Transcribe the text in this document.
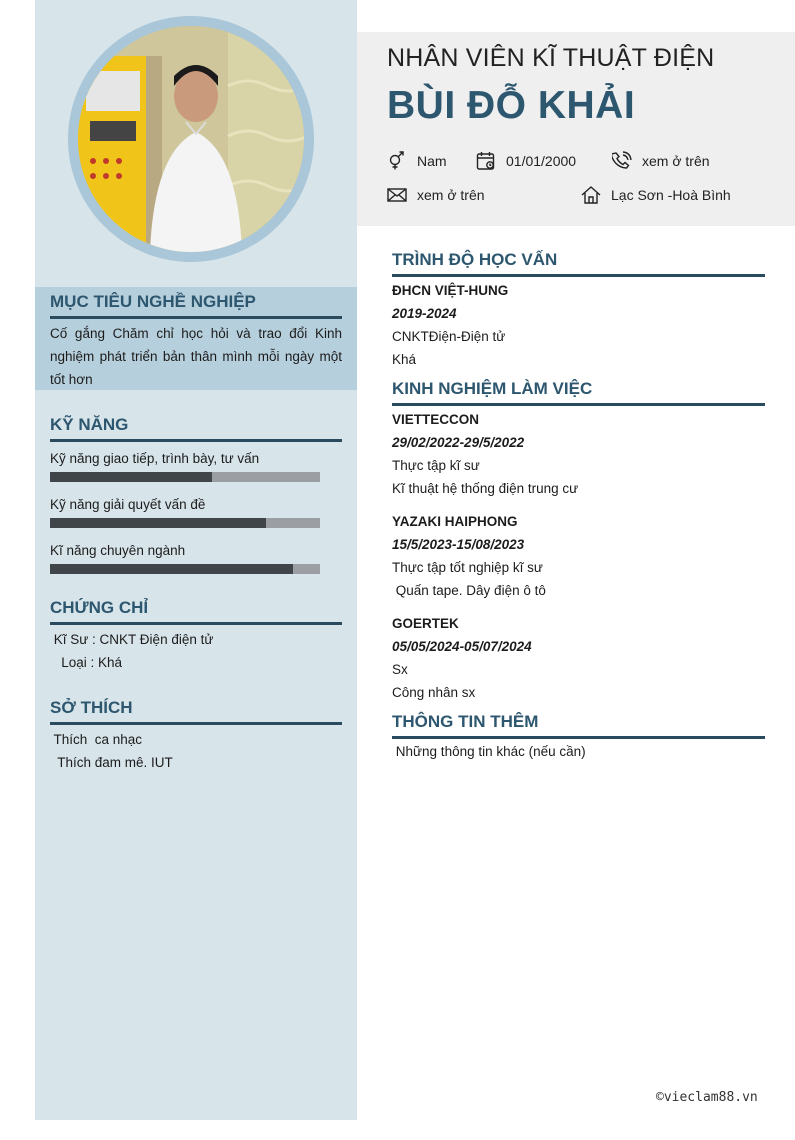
MỤC TIÊU NGHỀ NGHIỆP
Cố gắng Chăm chỉ học hỏi và trao đổi Kinh nghiệm phát triển bản thân mình mỗi ngày một tốt hơn
KỸ NĂNG
Kỹ năng giao tiếp, trình bày, tư vấn
Kỹ năng giải quyết vấn đề
Kĩ năng chuyên ngành
CHỨNG CHỈ
Kĩ Sư : CNKT Điện điện tử
Loại : Khá
SỞ THÍCH
Thích  ca nhạc
Thích đam mê. IUT
NHÂN VIÊN KĨ THUẬT ĐIỆN
BÙI ĐỖ KHẢI
Nam	01/01/2000	xem ở trên
xem ở trên	Lạc Sơn -Hoà Bình
TRÌNH ĐỘ HỌC VẤN
ĐHCN VIỆT-HUNG
2019-2024
CNKTĐiện-Điện tử
Khá
KINH NGHIỆM LÀM VIỆC
VIETTECCON
29/02/2022-29/5/2022
Thực tập kĩ sư
Kĩ thuật hệ thống điện trung cư
YAZAKI HAIPHONG
15/5/2023-15/08/2023
Thực tập tốt nghiệp kĩ sư
Quấn tape. Dây điện ô tô
GOERTEK
05/05/2024-05/07/2024
Sx
Công nhân sx
THÔNG TIN THÊM
Những thông tin khác (nếu cần)
©vieclam88.vn
